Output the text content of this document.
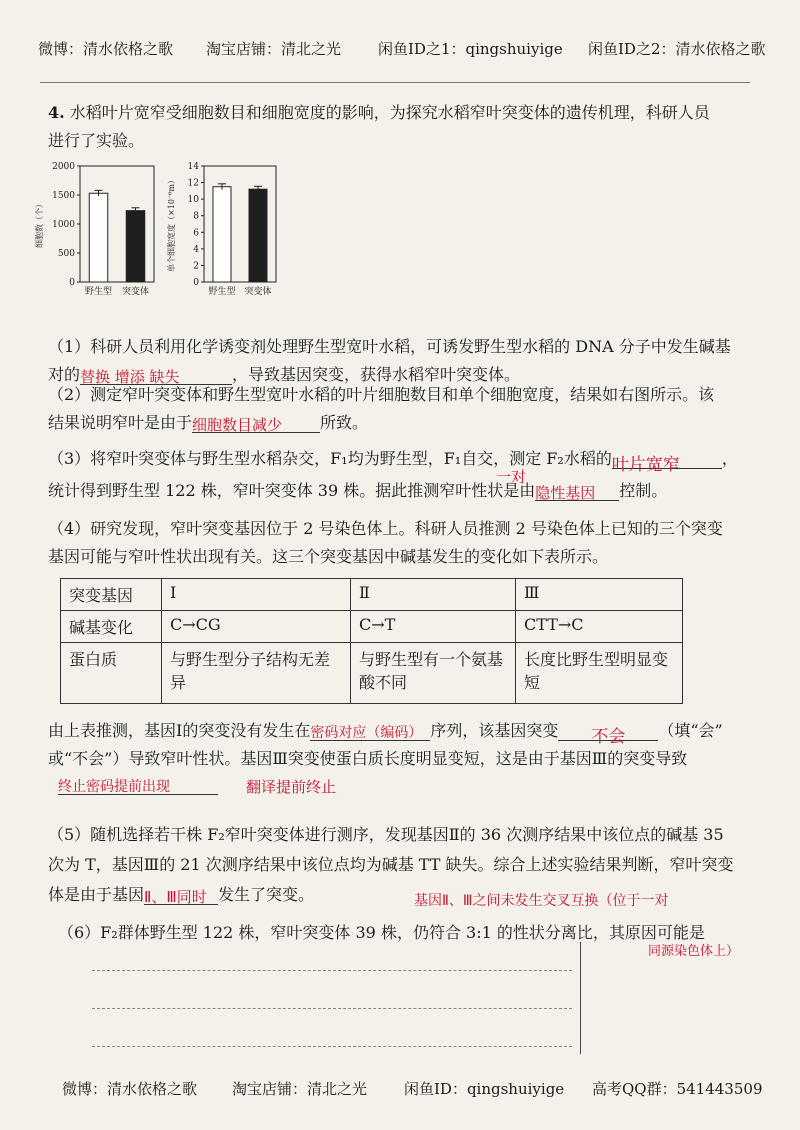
微博：清水依格之歌 淘宝店铺：清北之光 闲鱼ID之1：qingshuiyige 闲鱼ID之2：清水依格之歌
4. 水稻叶片宽窄受细胞数目和细胞宽度的影响，为探究水稻窄叶突变体的遗传机理，科研人员
进行了实验。
细胞数（个）
0
500
1000
1500
2000
野生型 突变体
单个细胞宽度（×10⁻⁶m）
0
2
4
6
8
10
12
14
野生型 突变体
（1）科研人员利用化学诱变剂处理野生型宽叶水稻，可诱发野生型水稻的 DNA 分子中发生碱基
对的替换 增添 缺失	，导致基因突变，获得水稻窄叶突变体。
（2）测定窄叶突变体和野生型宽叶水稻的叶片细胞数目和单个细胞宽度，结果如右图所示。该
结果说明窄叶是由于细胞数目减少 所致。
（3）将窄叶突变体与野生型水稻杂交，F₁均为野生型，F₁自交，测定 F₂水稻的叶片宽窄	，
一对
统计得到野生型 122 株，窄叶突变体 39 株。据此推测窄叶性状是由隐性基因 控制。
（4）研究发现，窄叶突变基因位于 2 号染色体上。科研人员推测 2 号染色体上已知的三个突变
基因可能与窄叶性状出现有关。这三个突变基因中碱基发生的变化如下表所示。
突变基因	Ⅰ	Ⅱ	Ⅲ
碱基变化	C→CG	C→T	CTT→C
蛋白质	与野生型分子结构无差异	与野生型有一个氨基酸不同	长度比野生型明显变短
由上表推测，基因Ⅰ的突变没有发生在密码对应（编码） 序列，该基因突变 不会 （填“会”
或“不会”）导致窄叶性状。基因Ⅲ突变使蛋白质长度明显变短，这是由于基因Ⅲ的突变导致
终止密码提前出现	翻译提前终止
（5）随机选择若干株 F₂窄叶突变体进行测序，发现基因Ⅱ的 36 次测序结果中该位点的碱基 35
次为 T，基因Ⅲ的 21 次测序结果中该位点均为碱基 TT 缺失。综合上述实验结果判断，窄叶突变
体是由于基因Ⅱ、Ⅲ同时 发生了突变。	基因Ⅱ、Ⅲ之间未发生交叉互换（位于一对
（6）F₂群体野生型 122 株，窄叶突变体 39 株，仍符合 3:1 的性状分离比，其原因可能是
同源染色体上）
微博：清水依格之歌 淘宝店铺：清北之光 闲鱼ID：qingshuiyige 高考QQ群：541443509
